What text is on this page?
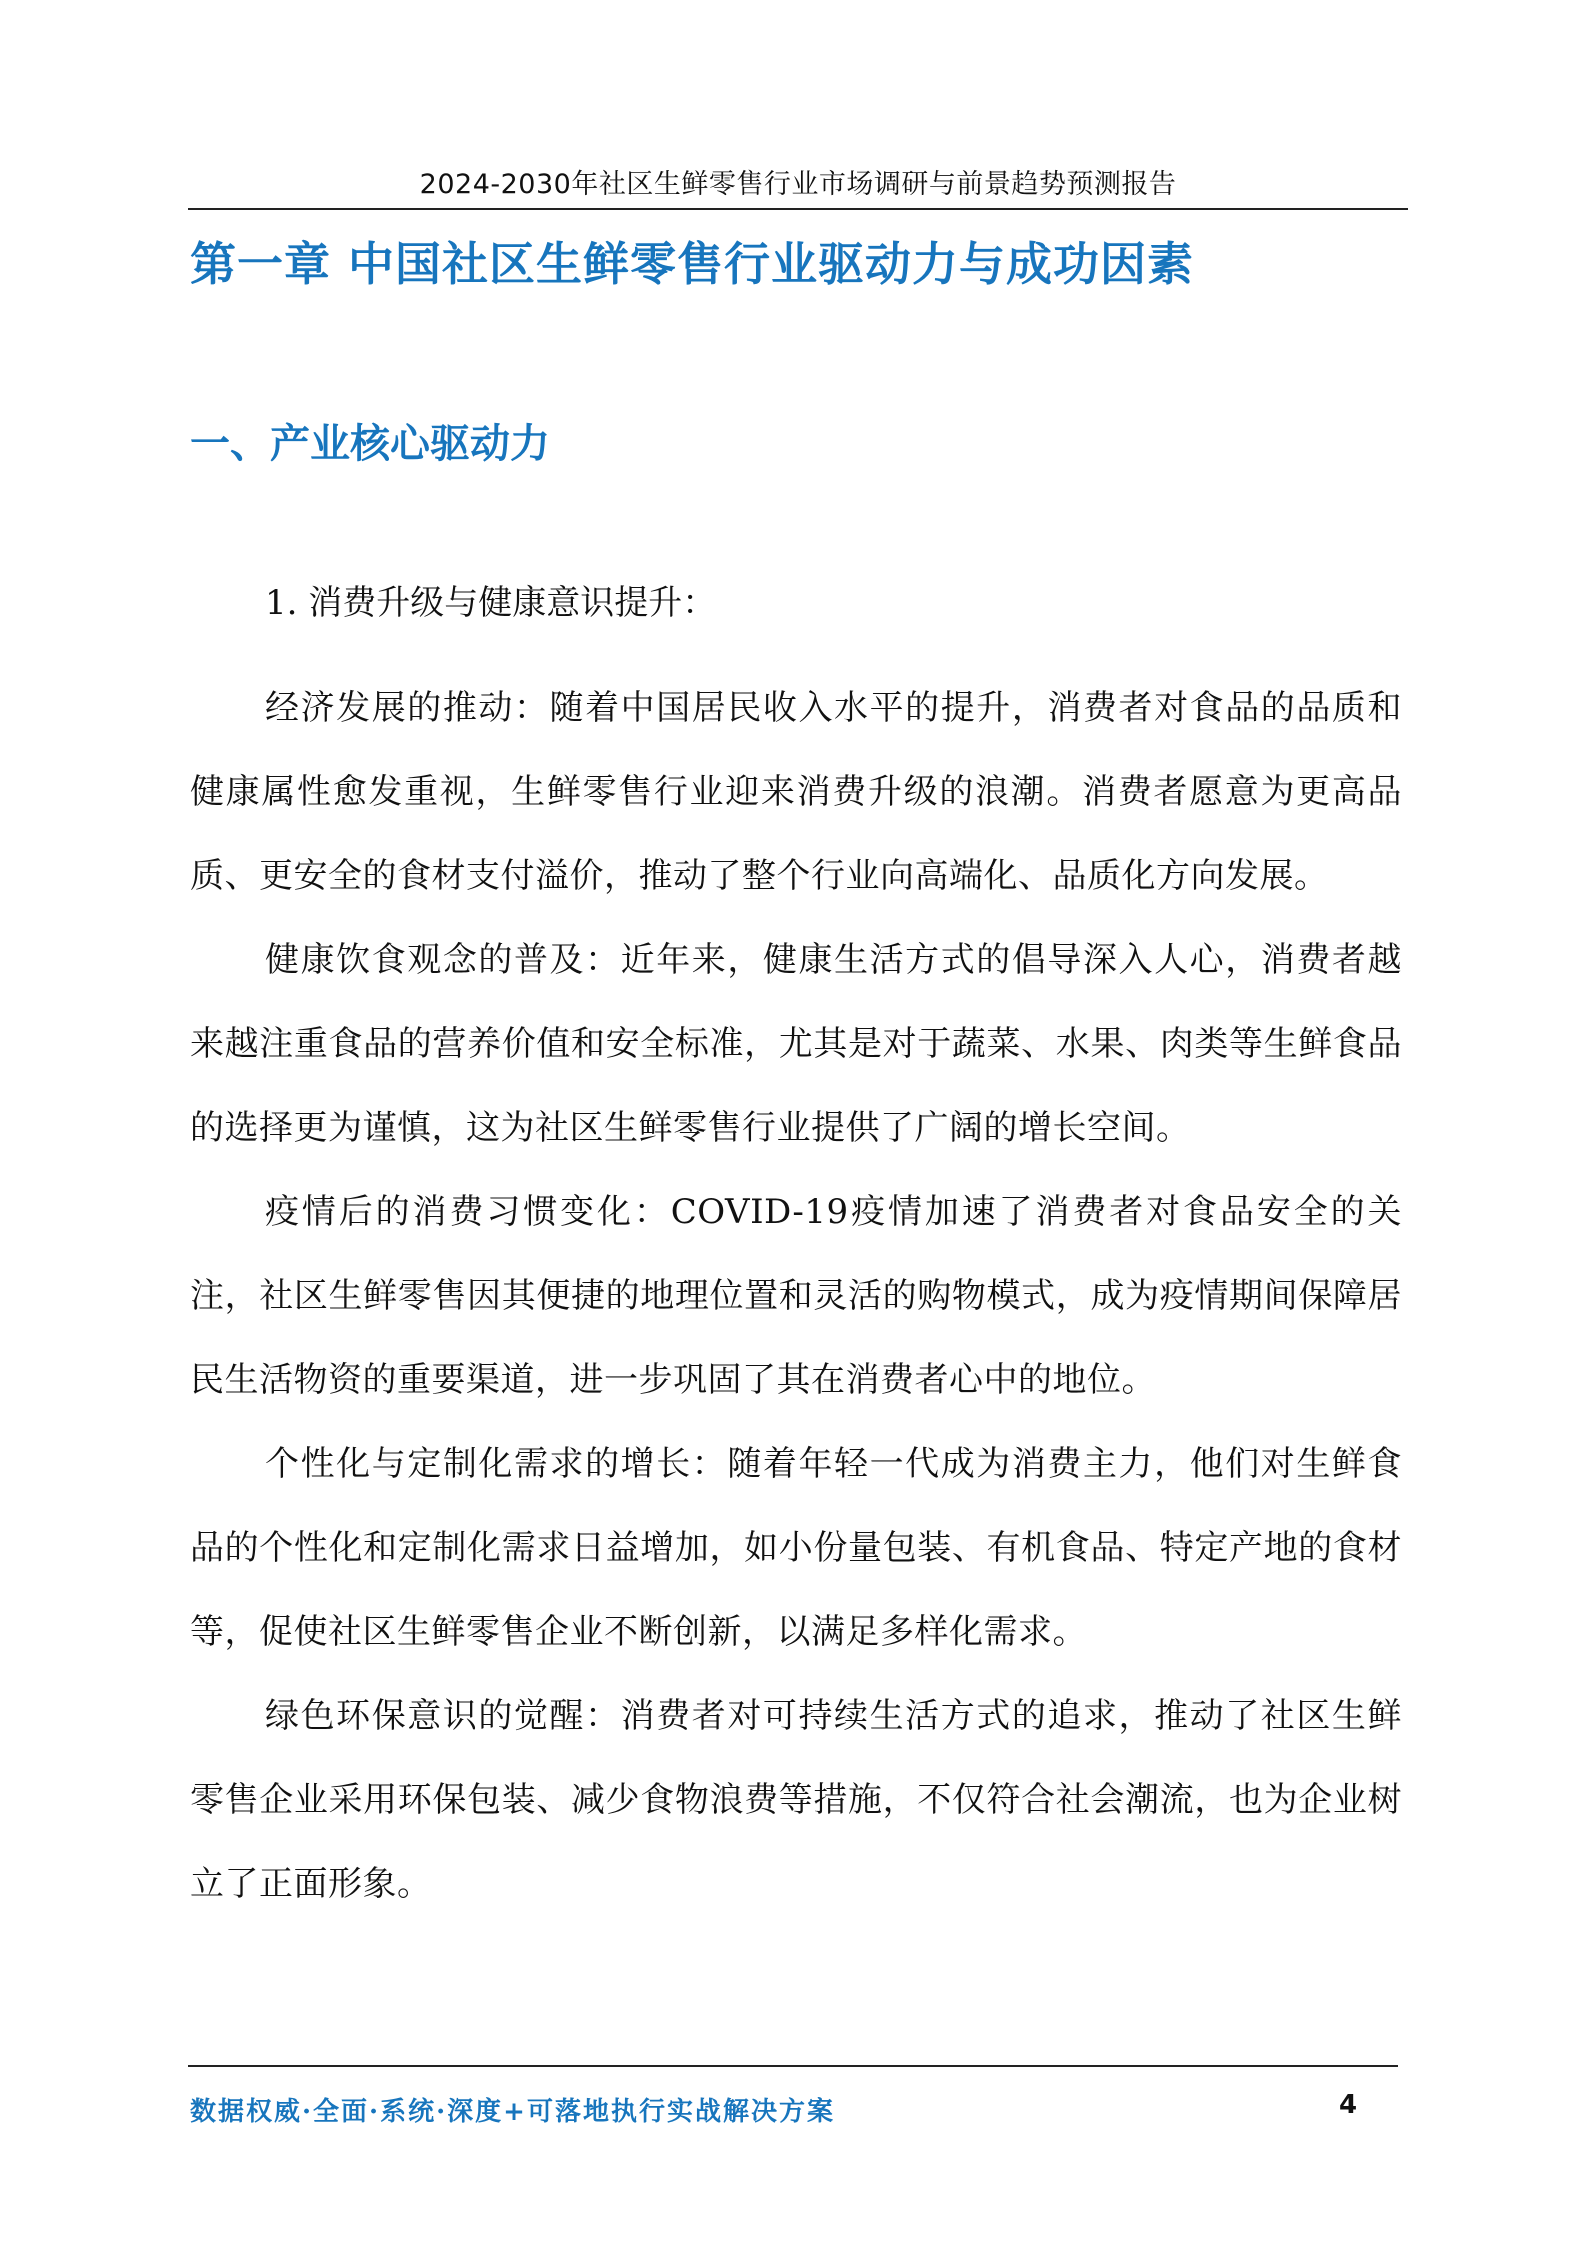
2024-2030年社区生鲜零售行业市场调研与前景趋势预测报告
第一章 中国社区生鲜零售行业驱动力与成功因素
一、产业核心驱动力
1. 消费升级与健康意识提升：

经济发展的推动：随着中国居民收入水平的提升，消费者对食品的品质和健康属性愈发重视，生鲜零售行业迎来消费升级的浪潮。消费者愿意为更高品质、更安全的食材支付溢价，推动了整个行业向高端化、品质化方向发展。

健康饮食观念的普及：近年来，健康生活方式的倡导深入人心，消费者越来越注重食品的营养价值和安全标准，尤其是对于蔬菜、水果、肉类等生鲜食品的选择更为谨慎，这为社区生鲜零售行业提供了广阔的增长空间。

疫情后的消费习惯变化：COVID-19疫情加速了消费者对食品安全的关注，社区生鲜零售因其便捷的地理位置和灵活的购物模式，成为疫情期间保障居民生活物资的重要渠道，进一步巩固了其在消费者心中的地位。

个性化与定制化需求的增长：随着年轻一代成为消费主力，他们对生鲜食品的个性化和定制化需求日益增加，如小份量包装、有机食品、特定产地的食材等，促使社区生鲜零售企业不断创新，以满足多样化需求。

绿色环保意识的觉醒：消费者对可持续生活方式的追求，推动了社区生鲜零售企业采用环保包装、减少食物浪费等措施，不仅符合社会潮流，也为企业树立了正面形象。

数据权威·全面·系统·深度+可落地执行实战解决方案	4
